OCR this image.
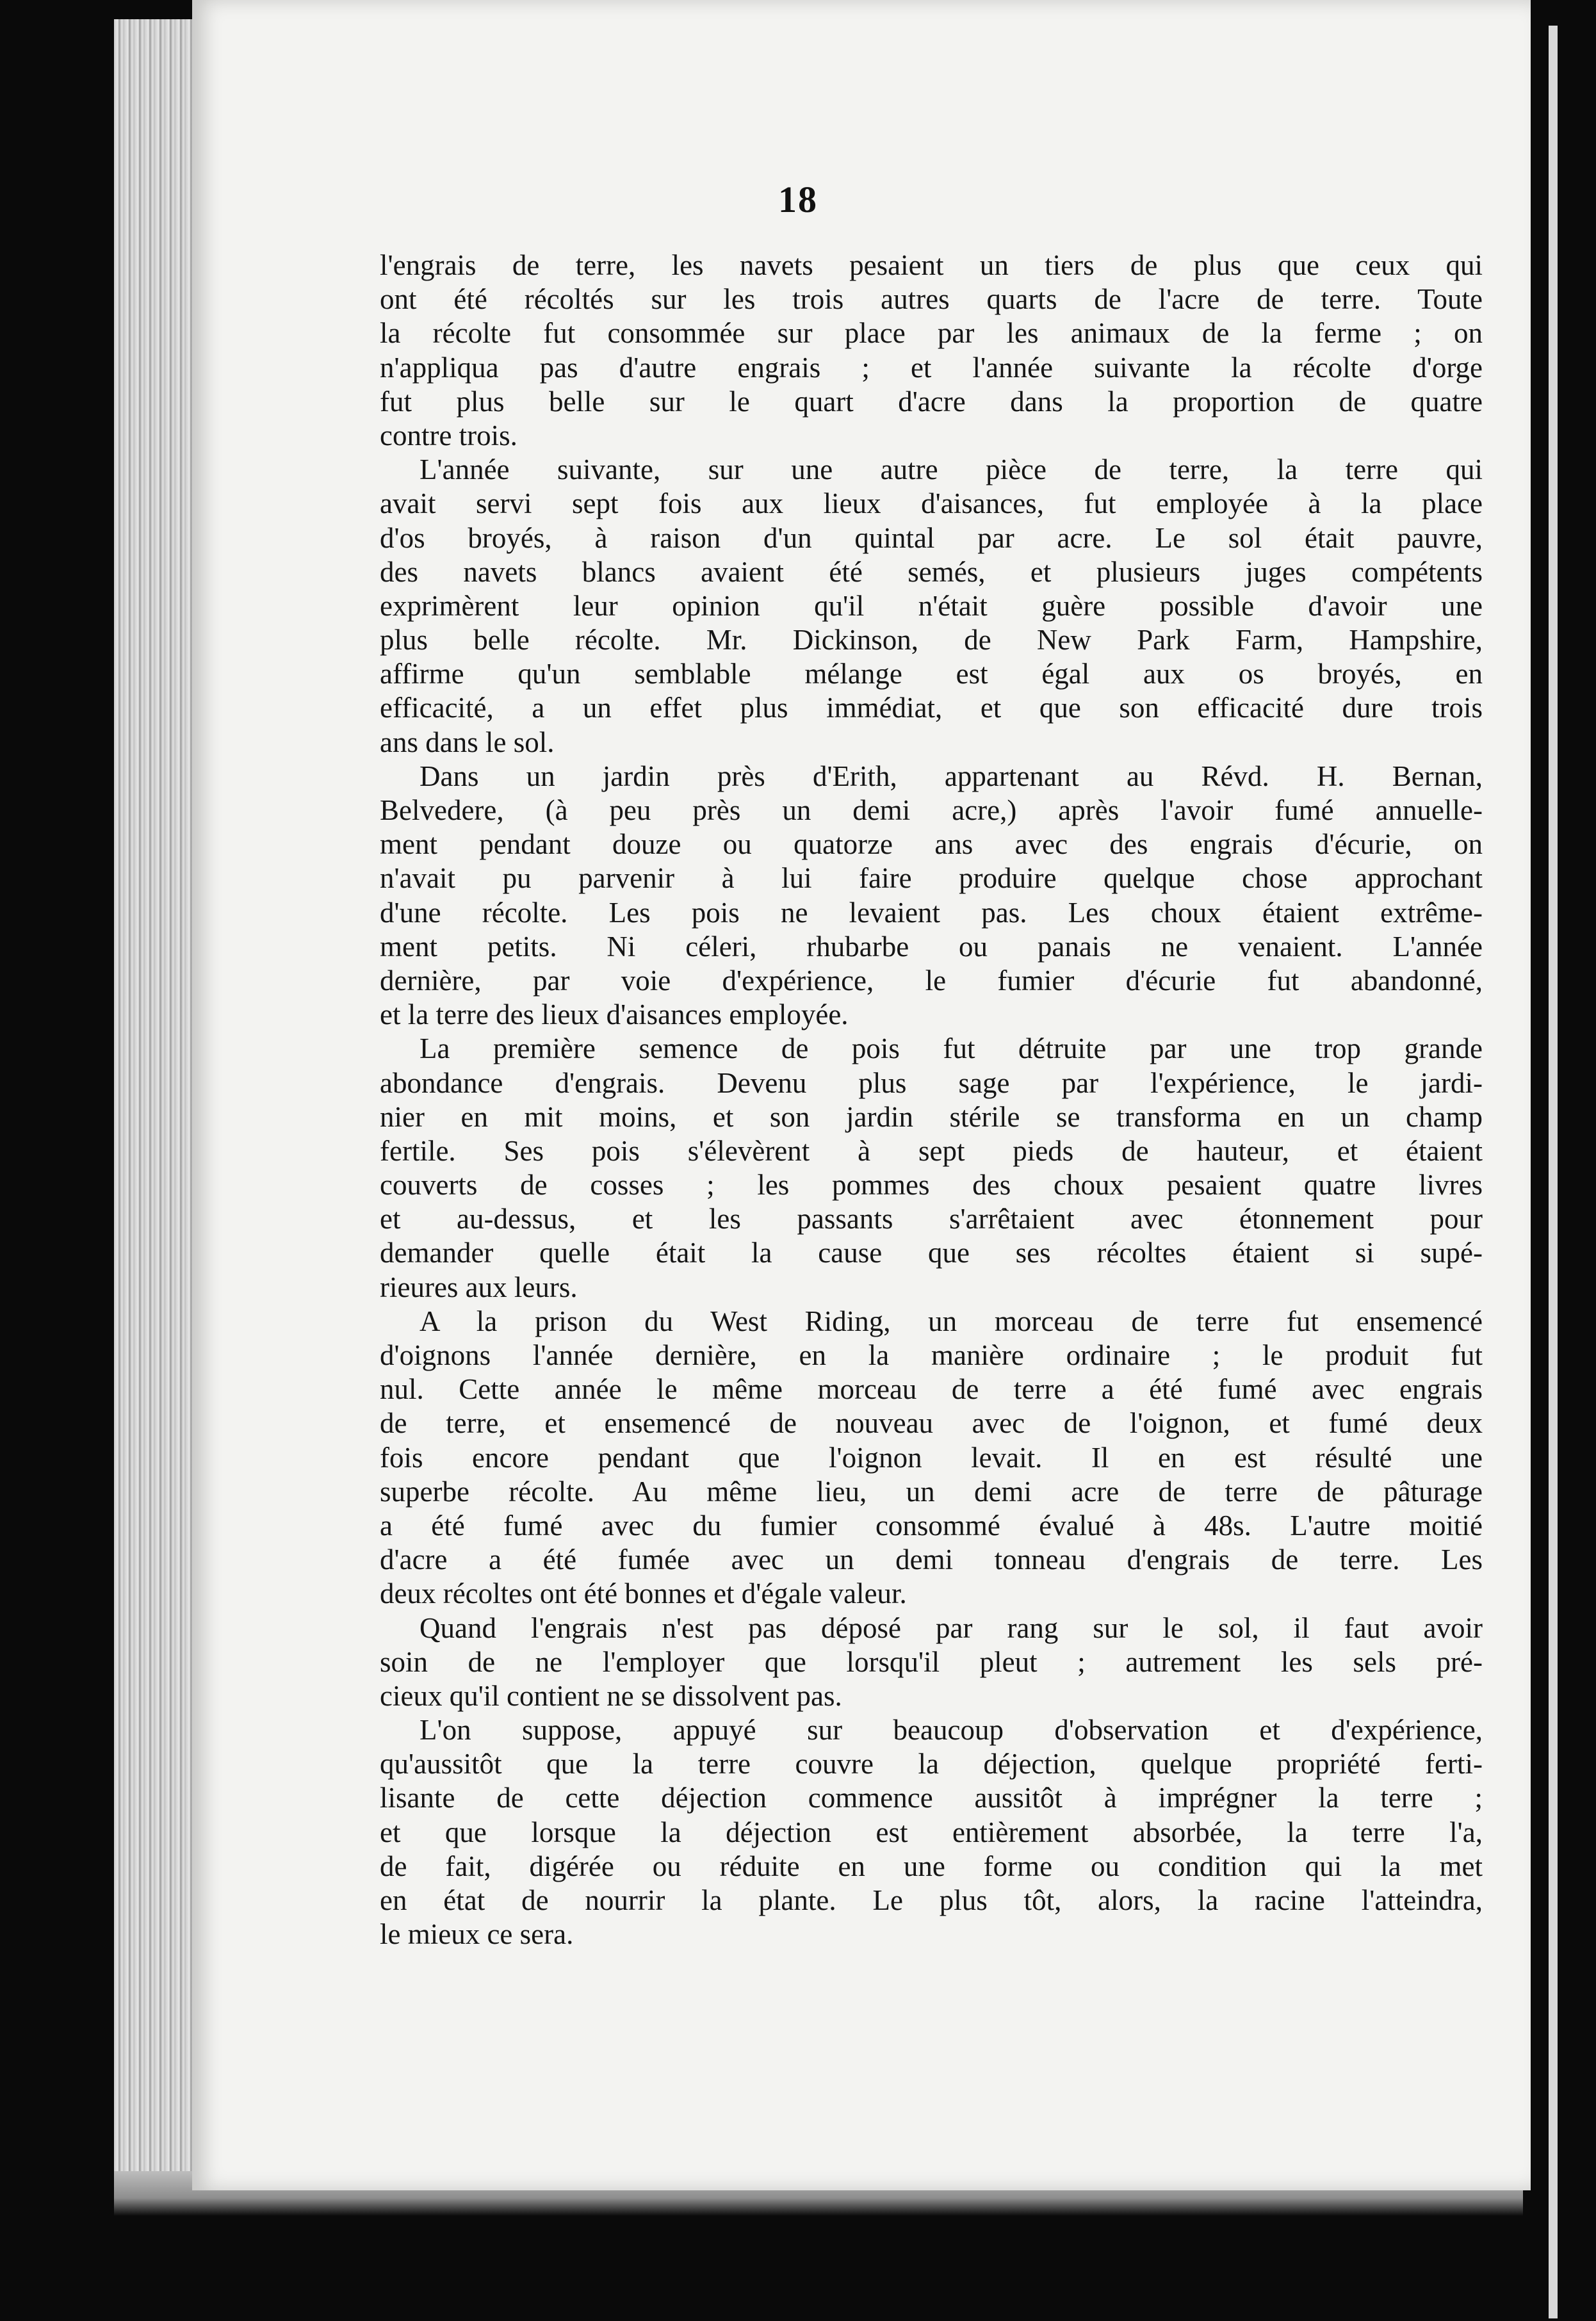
18
l'engrais de terre, les navets pesaient un tiers de plus que ceux qui
ont été récoltés sur les trois autres quarts de l'acre de terre. Toute
la récolte fut consommée sur place par les animaux de la ferme ; on
n'appliqua pas d'autre engrais ; et l'année suivante la récolte d'orge
fut plus belle sur le quart d'acre dans la proportion de quatre
contre trois.
L'année suivante, sur une autre pièce de terre, la terre qui
avait servi sept fois aux lieux d'aisances, fut employée à la place
d'os broyés, à raison d'un quintal par acre. Le sol était pauvre,
des navets blancs avaient été semés, et plusieurs juges compétents
exprimèrent leur opinion qu'il n'était guère possible d'avoir une
plus belle récolte. Mr. Dickinson, de New Park Farm, Hampshire,
affirme qu'un semblable mélange est égal aux os broyés, en
efficacité, a un effet plus immédiat, et que son efficacité dure trois
ans dans le sol.
Dans un jardin près d'Erith, appartenant au Révd. H. Bernan,
Belvedere, (à peu près un demi acre,) après l'avoir fumé annuelle-
ment pendant douze ou quatorze ans avec des engrais d'écurie, on
n'avait pu parvenir à lui faire produire quelque chose approchant
d'une récolte. Les pois ne levaient pas. Les choux étaient extrême-
ment petits. Ni céleri, rhubarbe ou panais ne venaient. L'année
dernière, par voie d'expérience, le fumier d'écurie fut abandonné,
et la terre des lieux d'aisances employée.
La première semence de pois fut détruite par une trop grande
abondance d'engrais. Devenu plus sage par l'expérience, le jardi-
nier en mit moins, et son jardin stérile se transforma en un champ
fertile. Ses pois s'élevèrent à sept pieds de hauteur, et étaient
couverts de cosses ; les pommes des choux pesaient quatre livres
et au-dessus, et les passants s'arrêtaient avec étonnement pour
demander quelle était la cause que ses récoltes étaient si supé-
rieures aux leurs.
A la prison du West Riding, un morceau de terre fut ensemencé
d'oignons l'année dernière, en la manière ordinaire ; le produit fut
nul. Cette année le même morceau de terre a été fumé avec engrais
de terre, et ensemencé de nouveau avec de l'oignon, et fumé deux
fois encore pendant que l'oignon levait. Il en est résulté une
superbe récolte. Au même lieu, un demi acre de terre de pâturage
a été fumé avec du fumier consommé évalué à 48s. L'autre moitié
d'acre a été fumée avec un demi tonneau d'engrais de terre. Les
deux récoltes ont été bonnes et d'égale valeur.
Quand l'engrais n'est pas déposé par rang sur le sol, il faut avoir
soin de ne l'employer que lorsqu'il pleut ; autrement les sels pré-
cieux qu'il contient ne se dissolvent pas.
L'on suppose, appuyé sur beaucoup d'observation et d'expérience,
qu'aussitôt que la terre couvre la déjection, quelque propriété ferti-
lisante de cette déjection commence aussitôt à imprégner la terre ;
et que lorsque la déjection est entièrement absorbée, la terre l'a,
de fait, digérée ou réduite en une forme ou condition qui la met
en état de nourrir la plante. Le plus tôt, alors, la racine l'atteindra,
le mieux ce sera.
